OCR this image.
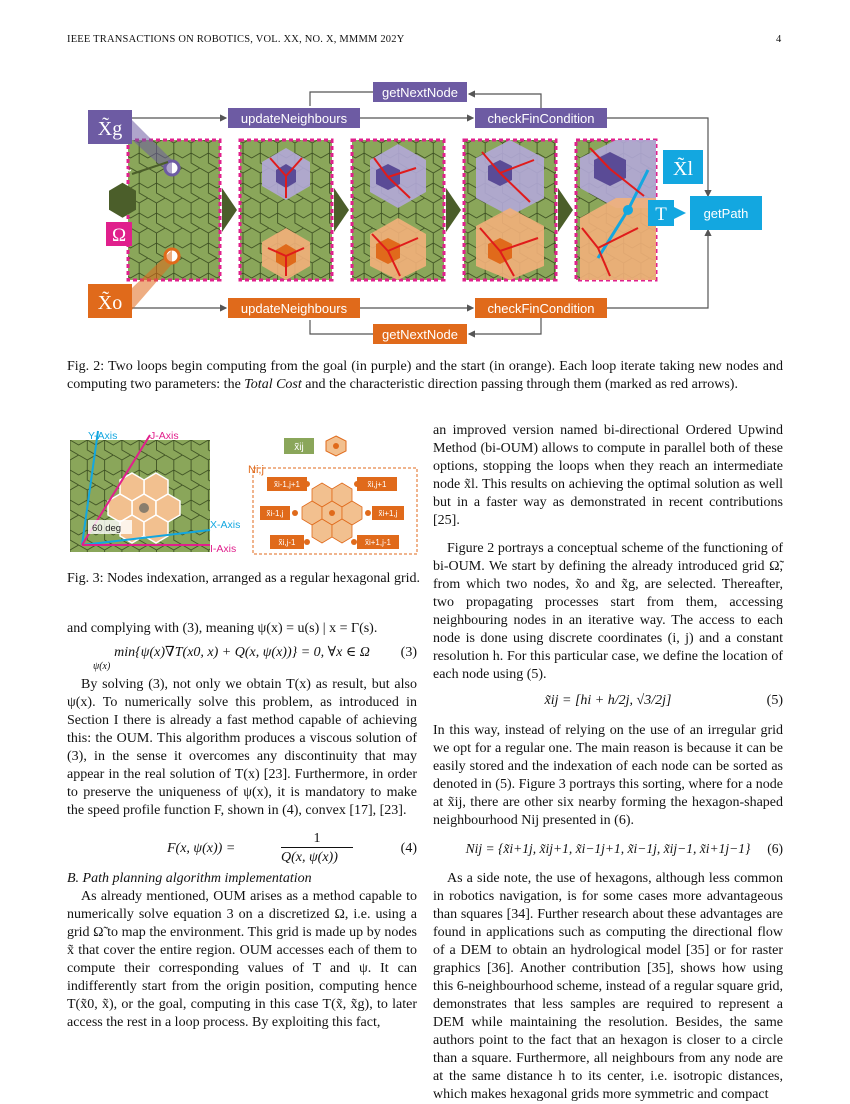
IEEE TRANSACTIONS ON ROBOTICS, VOL. XX, NO. X, MMMM 202Y	4
getNextNode
updateNeighbours	checkFinCondition
updateNeighbours	checkFinCondition
getNextNode
X̃g
Ω̃
Ω
X̃o
X̃l
T	getPath
Fig. 2: Two loops begin computing from the goal (in purple) and the start (in orange). Each loop iterate taking new nodes and computing two parameters: the Total Cost and the characteristic direction passing through them (marked as red arrows).
Y-Axis	J-Axis
X-Axis
I-Axis
60 deg
x̃ij
Ni,j
x̃i-1,j+1	x̃i,j+1
x̃i-1,j	x̃i+1,j
x̃i,j-1	x̃i+1,j-1
Fig. 3: Nodes indexation, arranged as a regular hexagonal grid.

and complying with (3), meaning ψ(x) = u(s) | x = Γ(s).

min{ψ(x)∇T(x0, x) + Q(x, ψ(x))} = 0, ∀x ∈ Ω
ψ(x)
(3)

By solving (3), not only we obtain T(x) as result, but also ψ(x). To numerically solve this problem, as introduced in Section I there is already a fast method capable of achieving this: the OUM. This algorithm produces a viscous solution of (3), in the sense it overcomes any discontinuity that may appear in the real solution of T(x) [23]. Furthermore, in order to preserve the uniqueness of ψ(x), it is mandatory to make the speed profile function F, shown in (4), convex [17], [23].

F(x, ψ(x)) =
1
Q(x, ψ(x))
(4)

B. Path planning algorithm implementation

As already mentioned, OUM arises as a method capable to numerically solve equation 3 on a discretized Ω, i.e. using a grid Ω̃ to map the environment. This grid is made up by nodes x̃ that cover the entire region. OUM accesses each of them to compute their corresponding values of T and ψ. It can indifferently start from the origin position, computing hence T(x̃0, x̃), or the goal, computing in this case T(x̃, x̃g), to later access the rest in a loop process. By exploiting this fact,

an improved version named bi-directional Ordered Upwind Method (bi-OUM) allows to compute in parallel both of these options, stopping the loops when they reach an intermediate node x̃l. This results on achieving the optimal solution as well but in a faster way as demonstrated in recent contributions [25].

Figure 2 portrays a conceptual scheme of the functioning of bi-OUM. We start by defining the already introduced grid Ω̃, from which two nodes, x̃o and x̃g, are selected. Thereafter, two propagating processes start from them, accessing neighbouring nodes in an iterative way. The access to each node is done using discrete coordinates (i, j) and a constant resolution h. For this particular case, we define the location of each node using (5).

x̃ij = [hi + h/2j, √3/2j]	(5)

In this way, instead of relying on the use of an irregular grid we opt for a regular one. The main reason is because it can be easily stored and the indexation of each node can be sorted as denoted in (5). Figure 3 portrays this sorting, where for a node at x̃ij, there are other six nearby forming the hexagon-shaped neighbourhood Nij presented in (6).

Nij = {x̃i+1j, x̃ij+1, x̃i−1j+1, x̃i−1j, x̃ij−1, x̃i+1j−1} (6)

As a side note, the use of hexagons, although less common in robotics navigation, is for some cases more advantageous than squares [34]. Further research about these advantages are found in applications such as computing the directional flow of a DEM to obtain an hydrological model [35] or for raster graphics [36]. Another contribution [35], shows how using this 6-neighbourhood scheme, instead of a regular square grid, demonstrates that less samples are required to represent a DEM while maintaining the resolution. Besides, the same authors point to the fact that an hexagon is closer to a circle than a square. Furthermore, all neighbours from any node are at the same distance h to its center, i.e. isotropic distances, which makes hexagonal grids more symmetric and compact
